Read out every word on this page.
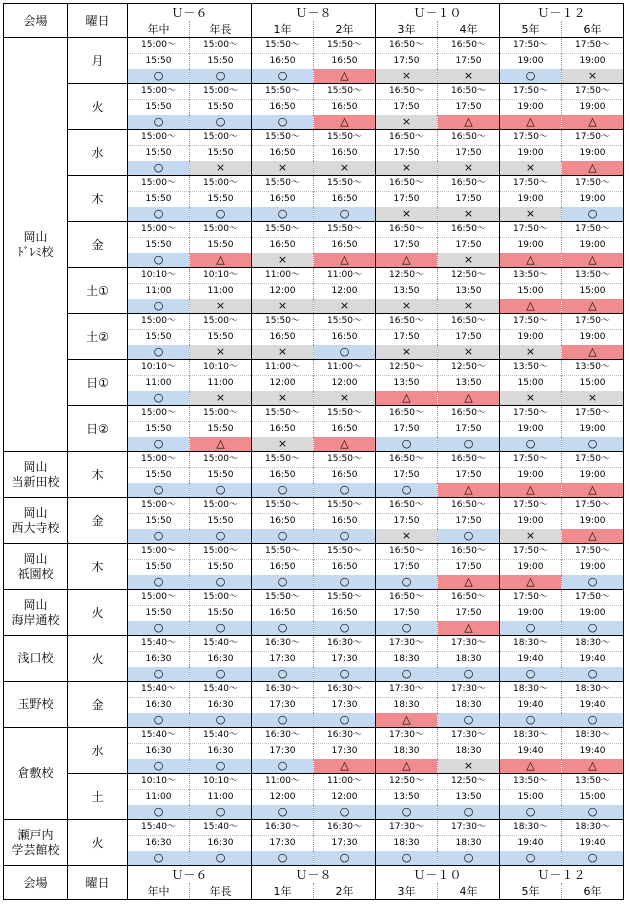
会場	曜日	Ｕ－６		Ｕ－８		Ｕ－１０		Ｕ－１２	
		年中	年長	1年	2年	3年	4年	5年	6年
岡山
ﾄﾞﾚﾐ校	月	15:00～	15:00～	15:50～	15:50～	16:50～	16:50～	17:50～	17:50～
		15:50	15:50	16:50	16:50	17:50	17:50	19:00	19:00
		○	○	○	△	×	×	○	×
	火	15:00～	15:00～	15:50～	15:50～	16:50～	16:50～	17:50～	17:50～
		15:50	15:50	16:50	16:50	17:50	17:50	19:00	19:00
		○	○	○	△	×	△	△	△
	水	15:00～	15:00～	15:50～	15:50～	16:50～	16:50～	17:50～	17:50～
		15:50	15:50	16:50	16:50	17:50	17:50	19:00	19:00
		○	×	×	×	×	×	×	△
	木	15:00～	15:00～	15:50～	15:50～	16:50～	16:50～	17:50～	17:50～
		15:50	15:50	16:50	16:50	17:50	17:50	19:00	19:00
		○	○	○	○	×	×	×	○
	金	15:00～	15:00～	15:50～	15:50～	16:50～	16:50～	17:50～	17:50～
		15:50	15:50	16:50	16:50	17:50	17:50	19:00	19:00
		○	△	×	△	△	×	△	△
	土①	10:10～	10:10～	11:00～	11:00～	12:50～	12:50～	13:50～	13:50～
		11:00	11:00	12:00	12:00	13:50	13:50	15:00	15:00
		○	×	×	×	×	×	△	△
	土②	15:00～	15:00～	15:50～	15:50～	16:50～	16:50～	17:50～	17:50～
		15:50	15:50	16:50	16:50	17:50	17:50	19:00	19:00
		○	×	×	○	×	×	×	△
	日①	10:10～	10:10～	11:00～	11:00～	12:50～	12:50～	13:50～	13:50～
		11:00	11:00	12:00	12:00	13:50	13:50	15:00	15:00
		○	×	×	×	△	△	×	×
	日②	15:00～	15:00～	15:50～	15:50～	16:50～	16:50～	17:50～	17:50～
		15:50	15:50	16:50	16:50	17:50	17:50	19:00	19:00
		○	△	×	△	○	○	○	○
岡山
当新田校	木	15:00～	15:00～	15:50～	15:50～	16:50～	16:50～	17:50～	17:50～
		15:50	15:50	16:50	16:50	17:50	17:50	19:00	19:00
		○	○	○	○	○	△	△	△
岡山
西大寺校	金	15:00～	15:00～	15:50～	15:50～	16:50～	16:50～	17:50～	17:50～
		15:50	15:50	16:50	16:50	17:50	17:50	19:00	19:00
		○	○	○	○	×	○	×	△
岡山
祇園校	木	15:00～	15:00～	15:50～	15:50～	16:50～	16:50～	17:50～	17:50～
		15:50	15:50	16:50	16:50	17:50	17:50	19:00	19:00
		○	○	○	○	○	△	△	○
岡山
海岸通校	火	15:00～	15:00～	15:50～	15:50～	16:50～	16:50～	17:50～	17:50～
		15:50	15:50	16:50	16:50	17:50	17:50	19:00	19:00
		○	○	○	○	○	△	○	○
浅口校	火	15:40～	15:40～	16:30～	16:30～	17:30～	17:30～	18:30～	18:30～
		16:30	16:30	17:30	17:30	18:30	18:30	19:40	19:40
		○	○	○	○	○	○	○	○
玉野校	金	15:40～	15:40～	16:30～	16:30～	17:30～	17:30～	18:30～	18:30～
		16:30	16:30	17:30	17:30	18:30	18:30	19:40	19:40
		○	○	○	○	△	○	○	○
倉敷校	水	15:40～	15:40～	16:30～	16:30～	17:30～	17:30～	18:30～	18:30～
		16:30	16:30	17:30	17:30	18:30	18:30	19:40	19:40
		○	○	○	△	△	×	△	△
	土	10:10～	10:10～	11:00～	11:00～	12:50～	12:50～	13:50～	13:50～
		11:00	11:00	12:00	12:00	13:50	13:50	15:00	15:00
		○	○	○	○	○	○	○	○
瀬戸内
学芸館校	火	15:40～	15:40～	16:30～	16:30～	17:30～	17:30～	18:30～	18:30～
		16:30	16:30	17:30	17:30	18:30	18:30	19:40	19:40
		○	○	○	○	○	○	○	○
会場	曜日	Ｕ－６		Ｕ－８		Ｕ－１０		Ｕ－１２	
		年中	年長	1年	2年	3年	4年	5年	6年
